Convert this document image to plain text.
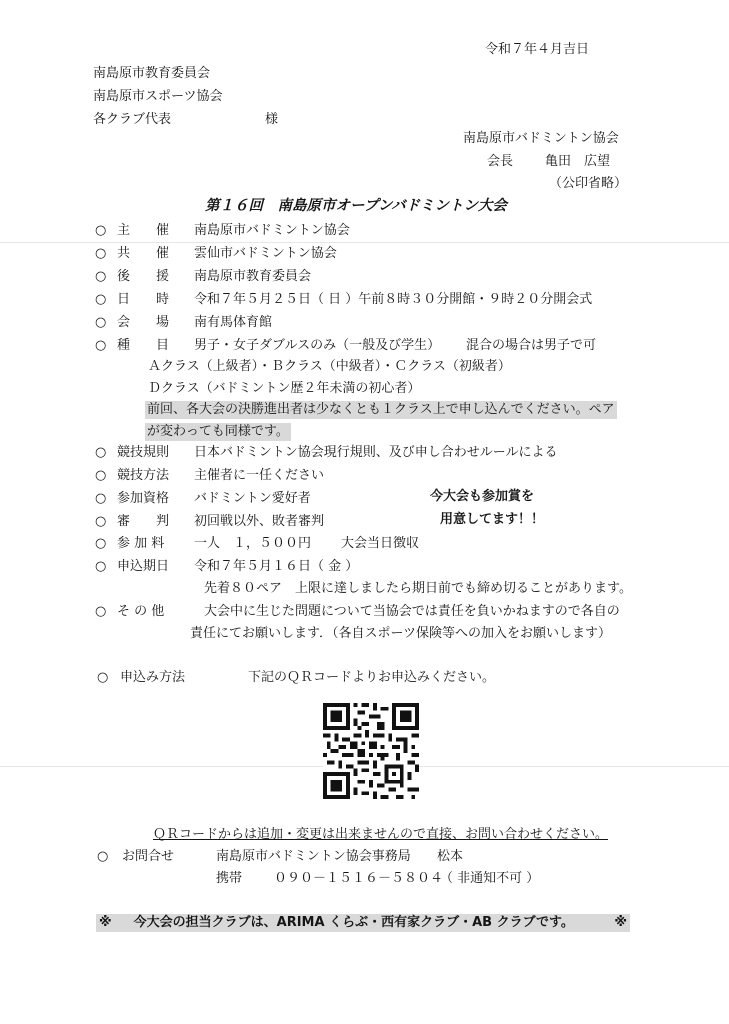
令和７年４月吉日
南島原市教育委員会
南島原市スポーツ協会
各クラブ代表	様
南島原市バドミントン協会
会長 亀田　広望
（公印省略）
第１６回　南島原市オープンバドミントン大会
○ 主　　催 南島原市バドミントン協会
○ 共　　催 雲仙市バドミントン協会
○ 後　　援 南島原市教育委員会
○ 日　　時 令和７年５月２５日（ 日 ）午前８時３０分開館・９時２０分開会式
○ 会　　場 南有馬体育館
○ 種　　目 男子・女子ダブルスのみ（一般及び学生） 混合の場合は男子で可
Ａクラス（上級者）・Ｂクラス（中級者）・Ｃクラス（初級者）
Ｄクラス（バドミントン歴２年未満の初心者）
前回、各大会の決勝進出者は少なくとも１クラス上で申し込んでください。ペア
が変わっても同様です。
○ 競技規則 日本バドミントン協会現行規則、及び申し合わせルールによる
○ 競技方法 主催者に一任ください
○ 参加資格 バドミントン愛好者	今大会も参加賞を
用意してます！！
○ 審　　判 初回戦以外、敗者審判
○ 参 加 料 一人　１，５００円 大会当日徴収
○ 申込期日 令和７年５月１６日（ 金 ）
先着８０ペア　上限に達しましたら期日前でも締め切ることがあります。
○ そ の 他	大会中に生じた問題について当協会では責任を負いかねますので各自の
責任にてお願いします．（各自スポーツ保険等への加入をお願いします）
○ 申込み方法	下記のＱＲコードよりお申込みください。
ＱＲコードからは追加・変更は出来ませんので直接、お問い合わせください。
○ お問合せ	南島原市バドミントン協会事務局 松本
携帯 ０９０－１５１６－５８０４
（ 非通知不可 ）
※ 今大会の担当クラブは、ARIMA くらぶ・西有家クラブ・AB クラブです。	※
